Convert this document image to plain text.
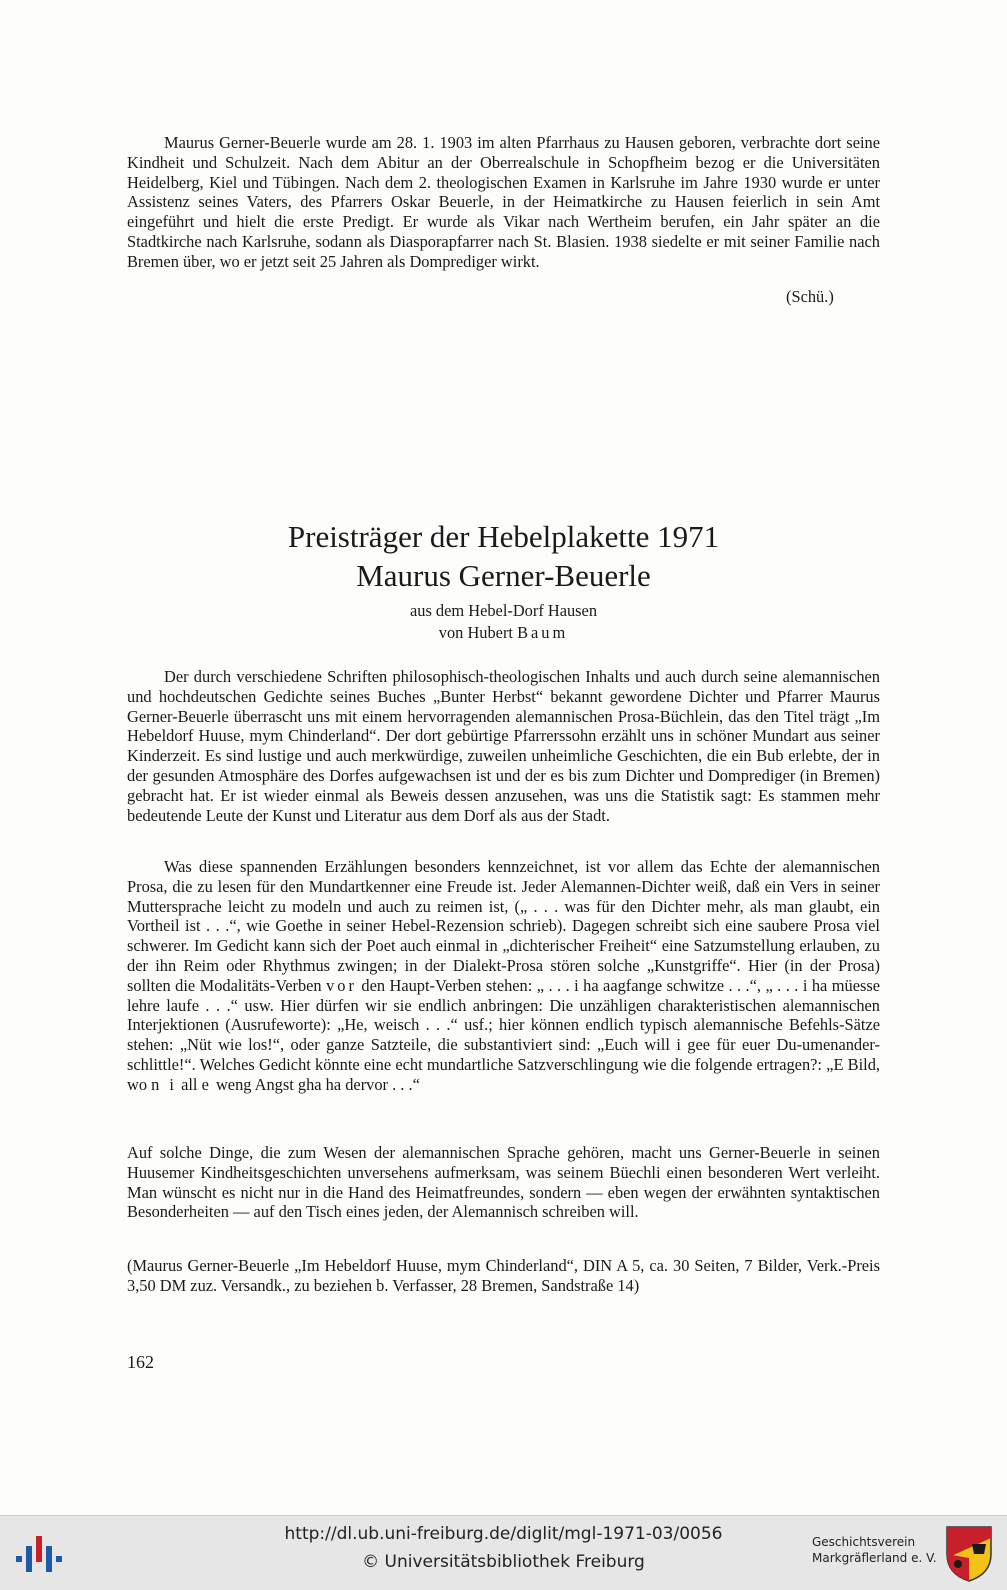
Maurus Gerner-Beuerle wurde am 28. 1. 1903 im alten Pfarrhaus zu Hausen geboren, verbrachte dort seine Kindheit und Schulzeit. Nach dem Abitur an der Oberrealschule in Schopfheim bezog er die Universitäten Heidelberg, Kiel und Tübingen. Nach dem 2. theologischen Examen in Karlsruhe im Jahre 1930 wurde er unter Assistenz seines Vaters, des Pfarrers Oskar Beuerle, in der Heimatkirche zu Hausen feierlich in sein Amt eingeführt und hielt die erste Predigt. Er wurde als Vikar nach Wertheim berufen, ein Jahr später an die Stadtkirche nach Karlsruhe, sodann als Diasporapfarrer nach St. Blasien. 1938 siedelte er mit seiner Familie nach Bremen über, wo er jetzt seit 25 Jahren als Domprediger wirkt.

(Schü.)
Preisträger der Hebelplakette 1971
Maurus Gerner-Beuerle
aus dem Hebel-Dorf Hausen
von Hubert Baum

Der durch verschiedene Schriften philosophisch-theologischen Inhalts und auch durch seine alemannischen und hochdeutschen Gedichte seines Buches „Bunter Herbst“ bekannt gewordene Dichter und Pfarrer Maurus Gerner-Beuerle überrascht uns mit einem hervorragenden alemannischen Prosa-Büchlein, das den Titel trägt „Im Hebeldorf Huuse, mym Chinderland“. Der dort gebürtige Pfarrerssohn erzählt uns in schöner Mundart aus seiner Kinderzeit. Es sind lustige und auch merkwürdige, zuweilen unheimliche Geschichten, die ein Bub erlebte, der in der gesunden Atmosphäre des Dorfes aufgewachsen ist und der es bis zum Dichter und Domprediger (in Bremen) gebracht hat. Er ist wieder einmal als Beweis dessen anzusehen, was uns die Statistik sagt: Es stammen mehr bedeutende Leute der Kunst und Literatur aus dem Dorf als aus der Stadt.

Was diese spannenden Erzählungen besonders kennzeichnet, ist vor allem das Echte der alemannischen Prosa, die zu lesen für den Mundartkenner eine Freude ist. Jeder Alemannen-Dichter weiß, daß ein Vers in seiner Muttersprache leicht zu modeln und auch zu reimen ist, („ . . . was für den Dichter mehr, als man glaubt, ein Vortheil ist . . .“, wie Goethe in seiner Hebel-Rezension schrieb). Dagegen schreibt sich eine saubere Prosa viel schwerer. Im Gedicht kann sich der Poet auch einmal in „dichterischer Freiheit“ eine Satzumstellung erlauben, zu der ihn Reim oder Rhythmus zwingen; in der Dialekt-Prosa stören solche „Kunstgriffe“. Hier (in der Prosa) sollten die Modalitäts-Verben vor den Haupt-Verben stehen: „ . . . i ha aagfange schwitze . . .“, „ . . . i ha müesse lehre laufe . . .“ usw. Hier dürfen wir sie endlich anbringen: Die unzähligen charakteristischen alemannischen Interjektionen (Ausrufeworte): „He, weisch . . .“ usf.; hier können endlich typisch alemannische Befehls-Sätze stehen: „Nüt wie los!“, oder ganze Satzteile, die substantiviert sind: „Euch will i gee für euer Du-umenander-schlittle!“. Welches Gedicht könnte eine echt mundartliche Satzverschlingung wie die folgende ertragen?: „E Bild, wo n i all e weng Angst gha ha dervor . . .“

Auf solche Dinge, die zum Wesen der alemannischen Sprache gehören, macht uns Gerner-Beuerle in seinen Huusemer Kindheitsgeschichten unversehens aufmerksam, was seinem Büechli einen besonderen Wert verleiht. Man wünscht es nicht nur in die Hand des Heimatfreundes, sondern — eben wegen der erwähnten syntaktischen Besonderheiten — auf den Tisch eines jeden, der Alemannisch schreiben will.

(Maurus Gerner-Beuerle „Im Hebeldorf Huuse, mym Chinderland“, DIN A 5, ca. 30 Seiten, 7 Bilder, Verk.-Preis 3,50 DM zuz. Versandk., zu beziehen b. Verfasser, 28 Bremen, Sandstraße 14)

162
http://dl.ub.uni-freiburg.de/diglit/mgl-1971-03/0056
© Universitätsbibliothek Freiburg
Geschichtsverein
Markgräflerland e. V.
